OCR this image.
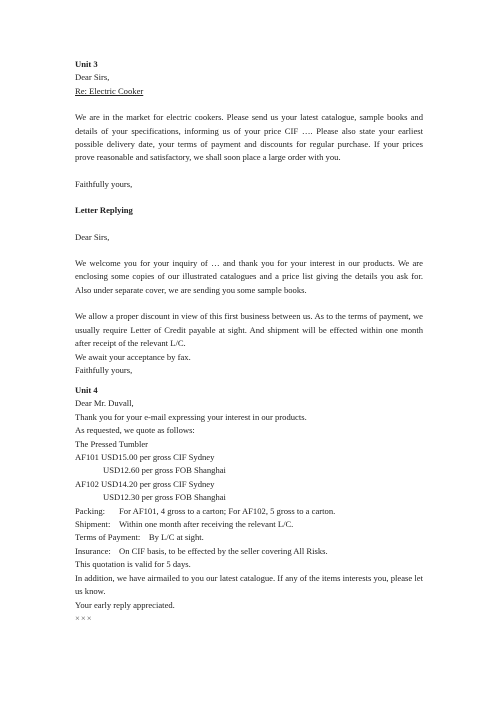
Unit 3
Dear Sirs,
Re: Electric Cooker
We are in the market for electric cookers. Please send us your latest catalogue, sample books and details of your specifications, informing us of your price CIF …. Please also state your earliest possible delivery date, your terms of payment and discounts for regular purchase. If your prices prove reasonable and satisfactory, we shall soon place a large order with you.
Faithfully yours,
Letter Replying
Dear Sirs,
We welcome you for your inquiry of … and thank you for your interest in our products. We are enclosing some copies of our illustrated catalogues and a price list giving the details you ask for. Also under separate cover, we are sending you some sample books.
We allow a proper discount in view of this first business between us. As to the terms of payment, we usually require Letter of Credit payable at sight. And shipment will be effected within one month after receipt of the relevant L/C.
We await your acceptance by fax.
Faithfully yours,
Unit 4
Dear Mr. Duvall,
Thank you for your e-mail expressing your interest in our products.
As requested, we quote as follows:
The Pressed Tumbler
AF101 USD15.00 per gross CIF Sydney
USD12.60 per gross FOB Shanghai
AF102 USD14.20 per gross CIF Sydney
USD12.30 per gross FOB Shanghai
Packing: For AF101, 4 gross to a carton; For AF102, 5 gross to a carton.
Shipment: Within one month after receiving the relevant L/C.
Terms of Payment: By L/C at sight.
Insurance: On CIF basis, to be effected by the seller covering All Risks.
This quotation is valid for 5 days.
In addition, we have airmailed to you our latest catalogue. If any of the items interests you, please let us know.
Your early reply appreciated.
×××
